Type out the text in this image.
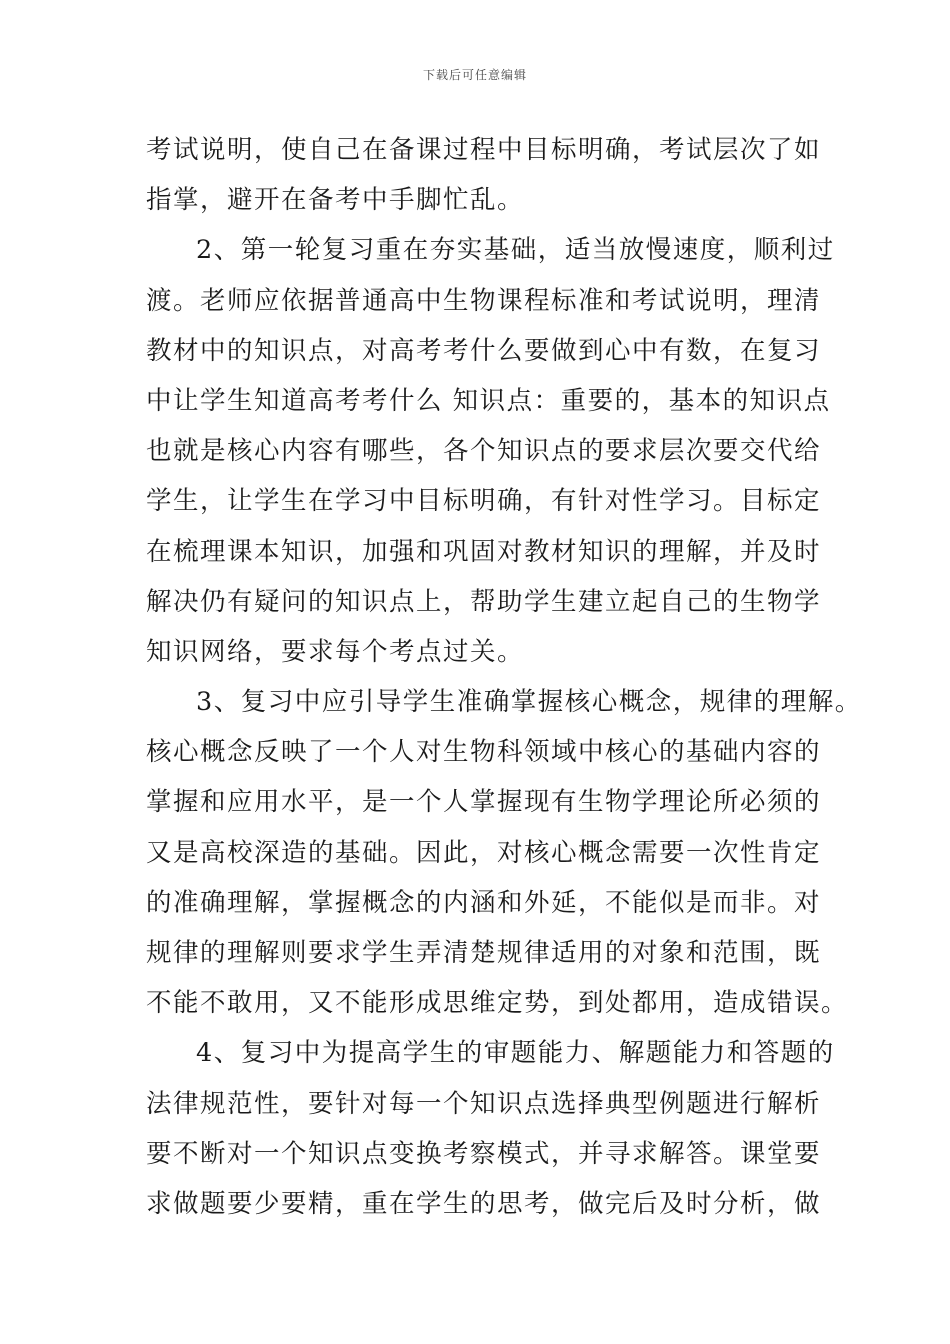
下载后可任意编辑
考试说明，使自己在备课过程中目标明确，考试层次了如
指掌，避开在备考中手脚忙乱。
2、第一轮复习重在夯实基础，适当放慢速度，顺利过
渡。老师应依据普通高中生物课程标准和考试说明，理清
教材中的知识点，对高考考什么要做到心中有数，在复习
中让学生知道高考考什么 知识点：重要的，基本的知识点
也就是核心内容有哪些，各个知识点的要求层次要交代给
学生，让学生在学习中目标明确，有针对性学习。目标定
在梳理课本知识，加强和巩固对教材知识的理解，并及时
解决仍有疑问的知识点上，帮助学生建立起自己的生物学
知识网络，要求每个考点过关。
3、复习中应引导学生准确掌握核心概念，规律的理解。
核心概念反映了一个人对生物科领域中核心的基础内容的
掌握和应用水平，是一个人掌握现有生物学理论所必须的
又是高校深造的基础。因此，对核心概念需要一次性肯定
的准确理解，掌握概念的内涵和外延，不能似是而非。对
规律的理解则要求学生弄清楚规律适用的对象和范围，既
不能不敢用，又不能形成思维定势，到处都用，造成错误。
4、复习中为提高学生的审题能力、解题能力和答题的
法律规范性，要针对每一个知识点选择典型例题进行解析
要不断对一个知识点变换考察模式，并寻求解答。课堂要
求做题要少要精，重在学生的思考，做完后及时分析，做
